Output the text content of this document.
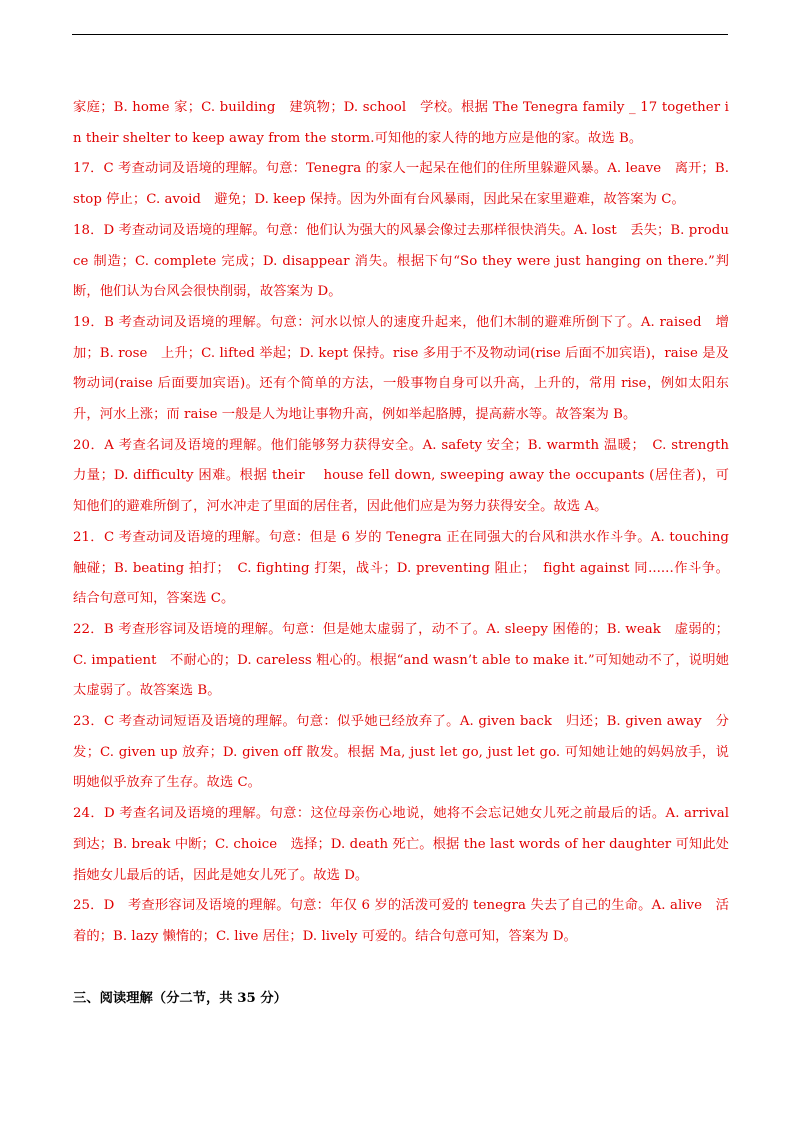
家庭；B. home 家；C. building　建筑物；D. school　学校。根据 The Tenegra family _ 17 together in their shelter to keep away from the storm.可知他的家人待的地方应是他的家。故选 B。

17．C 考查动词及语境的理解。句意：Tenegra 的家人一起呆在他们的住所里躲避风暴。A. leave　离开；B. stop 停止；C. avoid　避免；D. keep 保持。因为外面有台风暴雨，因此呆在家里避难，故答案为 C。

18．D 考查动词及语境的理解。句意：他们认为强大的风暴会像过去那样很快消失。A. lost　丢失；B. produce 制造；C. complete 完成；D. disappear 消失。根据下句“So they were just hanging on there.”判断，他们认为台风会很快削弱，故答案为 D。

19．B 考查动词及语境的理解。句意：河水以惊人的速度升起来，他们木制的避难所倒下了。A. raised　增加；B. rose　上升；C. lifted 举起；D. kept 保持。rise 多用于不及物动词(rise 后面不加宾语)，raise 是及物动词(raise 后面要加宾语)。还有个简单的方法，一般事物自身可以升高，上升的，常用 rise，例如太阳东升，河水上涨；而 raise 一般是人为地让事物升高，例如举起胳膊，提高薪水等。故答案为 B。

20．A 考查名词及语境的理解。他们能够努力获得安全。A. safety 安全；B. warmth 温暖；　C. strength 力量；D. difficulty 困难。根据 their　 house fell down, sweeping away the occupants (居住者)，可知他们的避难所倒了，河水冲走了里面的居住者，因此他们应是为努力获得安全。故选 A。

21．C 考查动词及语境的理解。句意：但是 6 岁的 Tenegra 正在同强大的台风和洪水作斗争。A. touching 触碰；B. beating 拍打；　C. fighting 打架，战斗；D. preventing 阻止；　fight against 同......作斗争。结合句意可知，答案选 C。

22．B 考查形容词及语境的理解。句意：但是她太虚弱了，动不了。A. sleepy 困倦的；B. weak　虚弱的；C. impatient　不耐心的；D. careless 粗心的。根据“and wasn’t able to make it.”可知她动不了，说明她太虚弱了。故答案选 B。

23．C 考查动词短语及语境的理解。句意：似乎她已经放弃了。A. given back　归还；B. given away　分发；C. given up 放弃；D. given off 散发。根据 Ma, just let go, just let go. 可知她让她的妈妈放手，说明她似乎放弃了生存。故选 C。

24．D 考查名词及语境的理解。句意：这位母亲伤心地说，她将不会忘记她女儿死之前最后的话。A. arrival　到达；B. break 中断；C. choice　选择；D. death 死亡。根据 the last words of her daughter 可知此处指她女儿最后的话，因此是她女儿死了。故选 D。

25．D　考查形容词及语境的理解。句意：年仅 6 岁的活泼可爱的 tenegra 失去了自己的生命。A. alive　活着的；B. lazy 懒惰的；C. live 居住；D. lively 可爱的。结合句意可知，答案为 D。

三、阅读理解（分二节，共 35 分）
